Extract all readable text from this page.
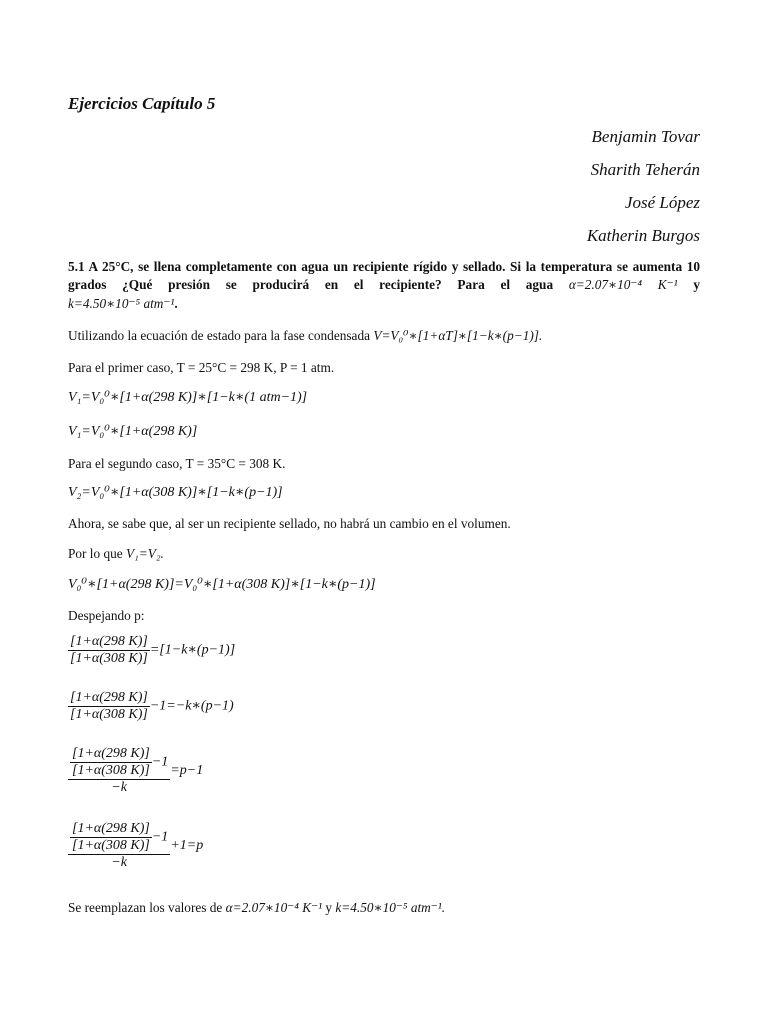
Ejercicios Capítulo 5
Benjamin Tovar
Sharith Teherán
José López
Katherin Burgos
5.1 A 25°C, se llena completamente con agua un recipiente rígido y sellado. Si la temperatura se aumenta 10 grados ¿Qué presión se producirá en el recipiente? Para el agua α=2.07∗10⁻⁴ K⁻¹ y
k=4.50∗10⁻⁵ atm⁻¹.
Utilizando la ecuación de estado para la fase condensada V=V₀⁰∗[1+αT]∗[1−k∗(p−1)].
Para el primer caso, T = 25°C = 298 K, P = 1 atm.
V₁=V₀⁰∗[1+α(298 K)]∗[1−k∗(1 atm−1)]
V₁=V₀⁰∗[1+α(298 K)]
Para el segundo caso, T = 35°C = 308 K.
V₂=V₀⁰∗[1+α(308 K)]∗[1−k∗(p−1)]
Ahora, se sabe que, al ser un recipiente sellado, no habrá un cambio en el volumen.
Por lo que V₁=V₂.
V₀⁰∗[1+α(298 K)]=V₀⁰∗[1+α(308 K)]∗[1−k∗(p−1)]
Despejando p:
$\frac{[1+\alpha(298 K)]}{[1+\alpha(308 K)]}$ =[1−k∗(p−1)]
$\frac{[1+\alpha(298 K)]}{[1+\alpha(308 K)]}$ −1=−k∗(p−1)
$\frac{\frac{[1+\alpha(298 K)]}{[1+\alpha(308 K)]} -1}{-k} =p-1$
$\frac{\frac{[1+\alpha(298 K)]}{[1+\alpha(308 K)]} -1}{-k} +1=p$
Se reemplazan los valores de α=2.07∗10⁻⁴ K⁻¹ y k=4.50∗10⁻⁵ atm⁻¹.
